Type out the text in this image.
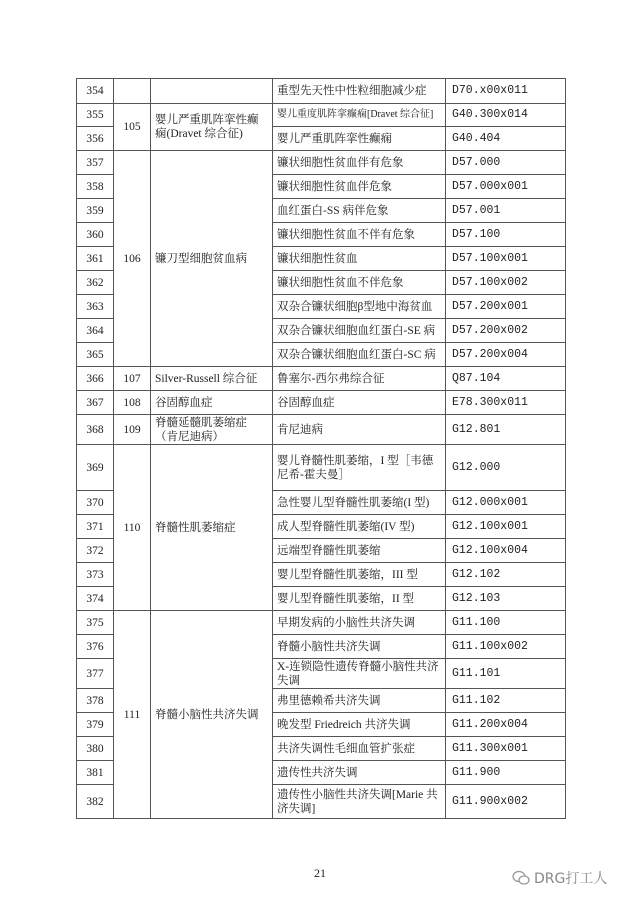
354			重型先天性中性粒细胞减少症	D70.x00x011
355	105	婴儿严重肌阵挛性癫痫(Dravet 综合征)	婴儿重度肌阵挛癫痫[Dravet 综合征]	G40.300x014
356			婴儿严重肌阵挛性癫痫	G40.404
357	106	镰刀型细胞贫血病	镰状细胞性贫血伴有危象	D57.000
358			镰状细胞性贫血伴危象	D57.000x001
359			血红蛋白-SS 病伴危象	D57.001
360			镰状细胞性贫血不伴有危象	D57.100
361			镰状细胞性贫血	D57.100x001
362			镰状细胞性贫血不伴危象	D57.100x002
363			双杂合镰状细胞β型地中海贫血	D57.200x001
364			双杂合镰状细胞血红蛋白-SE 病	D57.200x002
365			双杂合镰状细胞血红蛋白-SC 病	D57.200x004
366	107	Silver-Russell 综合征	鲁塞尔-西尔弗综合征	Q87.104
367	108	谷固醇血症	谷固醇血症	E78.300x011
368	109	脊髓延髓肌萎缩症（肯尼迪病）	肯尼迪病	G12.801
369	110	脊髓性肌萎缩症	婴儿脊髓性肌萎缩，I 型［韦德尼希-霍夫曼］	G12.000
370			急性婴儿型脊髓性肌萎缩(I 型)	G12.000x001
371			成人型脊髓性肌萎缩(IV 型)	G12.100x001
372			远端型脊髓性肌萎缩	G12.100x004
373			婴儿型脊髓性肌萎缩，III 型	G12.102
374			婴儿型脊髓性肌萎缩，II 型	G12.103
375	111	脊髓小脑性共济失调	早期发病的小脑性共济失调	G11.100
376			脊髓小脑性共济失调	G11.100x002
377			X-连锁隐性遗传脊髓小脑性共济失调	G11.101
378			弗里德赖希共济失调	G11.102
379			晚发型 Friedreich 共济失调	G11.200x004
380			共济失调性毛细血管扩张症	G11.300x001
381			遗传性共济失调	G11.900
382			遗传性小脑性共济失调[Marie 共济失调]	G11.900x002
21	DRG打工人
